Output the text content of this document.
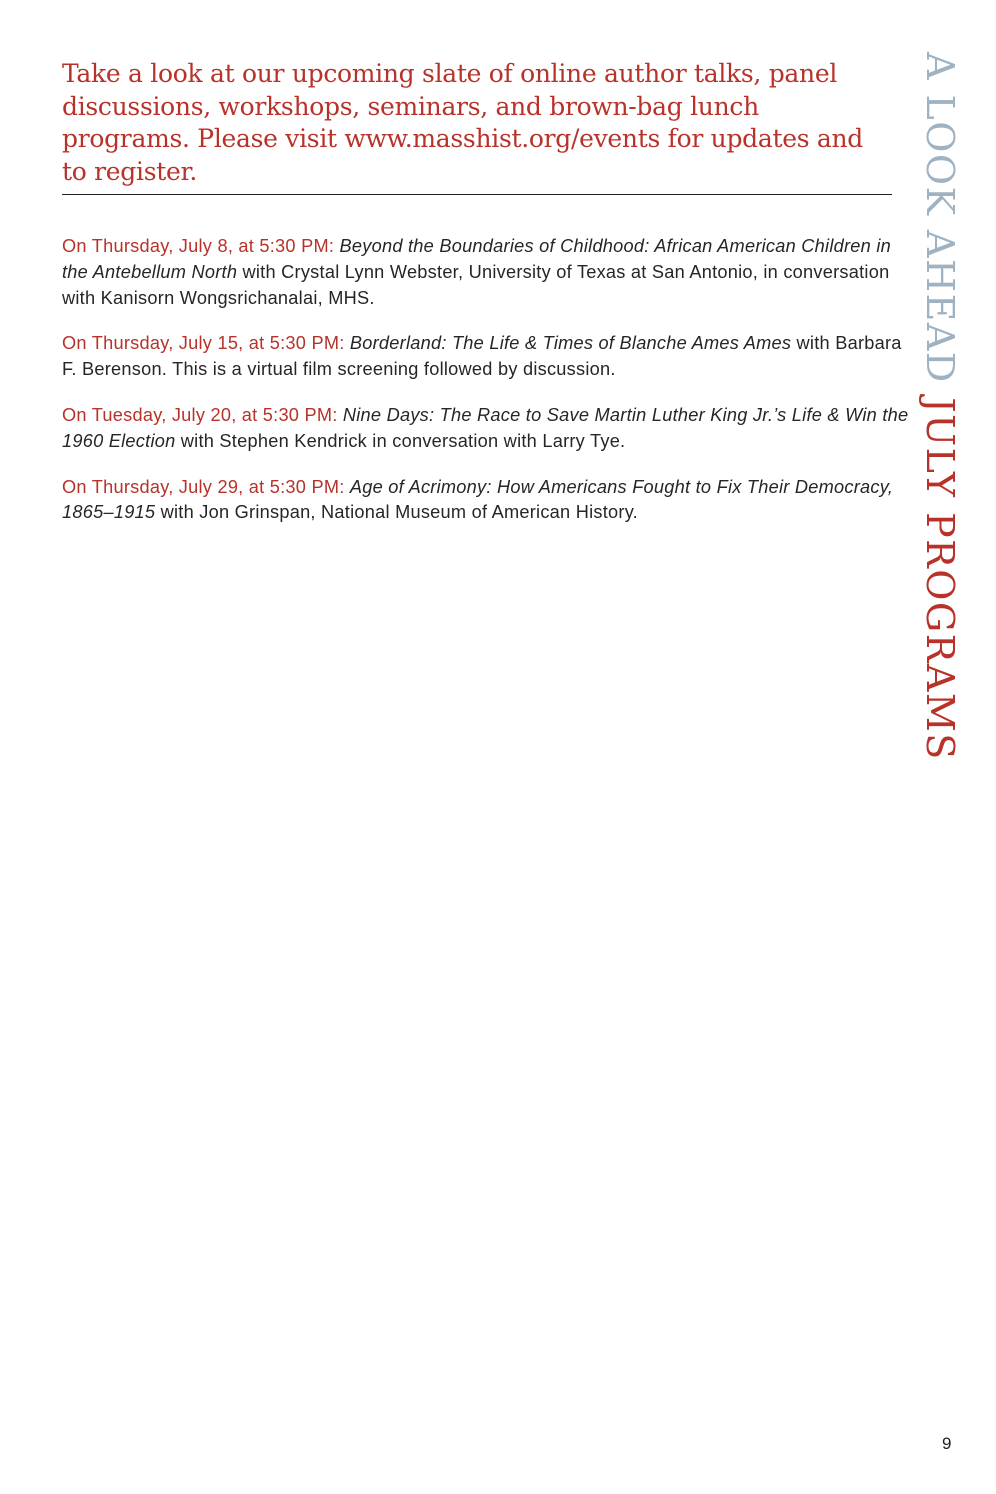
Take a look at our upcoming slate of online author talks, panel discussions, workshops, seminars, and brown-bag lunch programs. Please visit www.masshist.org/events for updates and to register.

On Thursday, July 8, at 5:30 PM: Beyond the Boundaries of Childhood: African American Children in the Antebellum North with Crystal Lynn Webster, University of Texas at San Antonio, in conversation with Kanisorn Wongsrichanalai, MHS.

On Thursday, July 15, at 5:30 PM: Borderland: The Life & Times of Blanche Ames Ames with Barbara F. Berenson. This is a virtual film screening followed by discussion.

On Tuesday, July 20, at 5:30 PM: Nine Days: The Race to Save Martin Luther King Jr.’s Life & Win the 1960 Election with Stephen Kendrick in conversation with Larry Tye.

On Thursday, July 29, at 5:30 PM: Age of Acrimony: How Americans Fought to Fix Their Democracy, 1865–1915 with Jon Grinspan, National Museum of American History.

A LOOK AHEAD JULY PROGRAMS
9
